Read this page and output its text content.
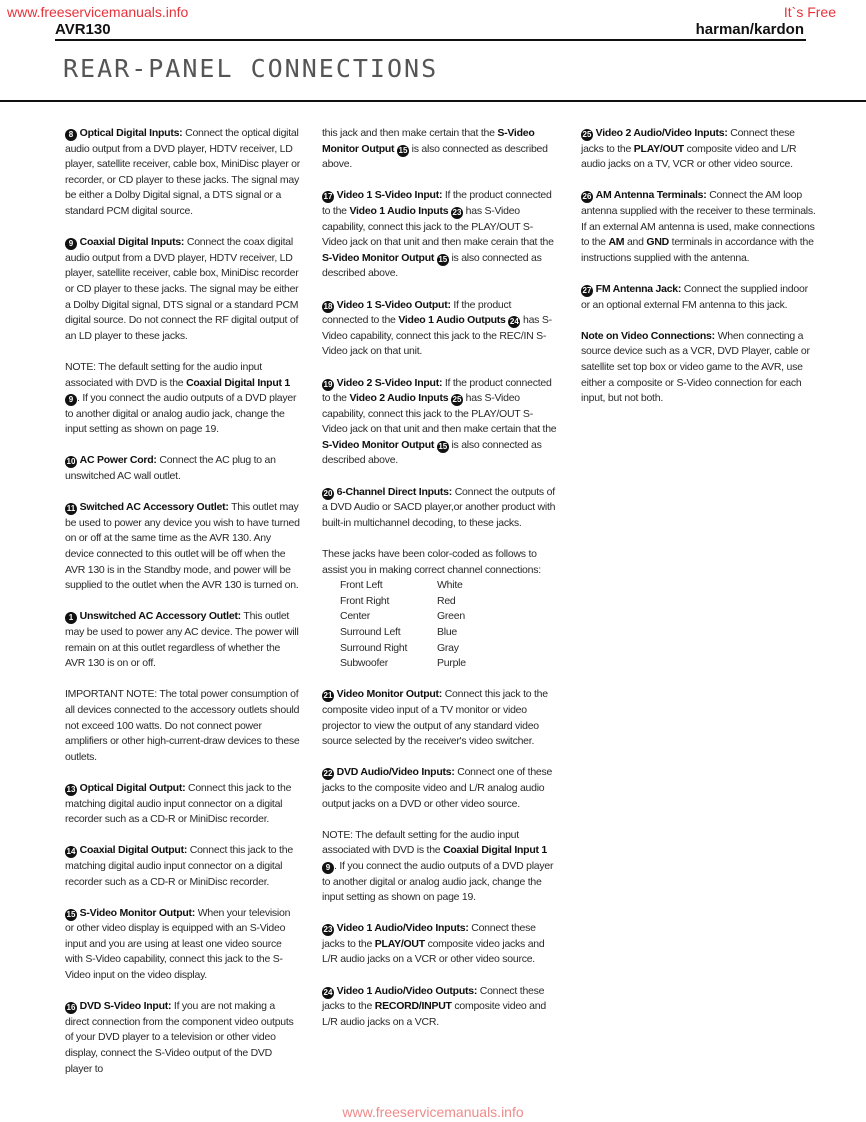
www.freeservicemanuals.info	It`s Free
AVR130	harman/kardon
REAR-PANEL CONNECTIONS

8 Optical Digital Inputs: Connect the optical digital audio output from a DVD player, HDTV receiver, LD player, satellite receiver, cable box, MiniDisc player or recorder, or CD player to these jacks. The signal may be either a Dolby Digital signal, a DTS signal or a standard PCM digital source.

9 Coaxial Digital Inputs: Connect the coax digital audio output from a DVD player, HDTV receiver, LD player, satellite receiver, cable box, MiniDisc recorder or CD player to these jacks. The signal may be either a Dolby Digital signal, DTS signal or a standard PCM digital source. Do not connect the RF digital output of an LD player to these jacks.

NOTE: The default setting for the audio input associated with DVD is the Coaxial Digital Input 1 9 . If you connect the audio outputs of a DVD player to another digital or analog audio jack, change the input setting as shown on page 19.

10 AC Power Cord: Connect the AC plug to an unswitched AC wall outlet.

11 Switched AC Accessory Outlet: This outlet may be used to power any device you wish to have turned on or off at the same time as the AVR 130. Any device connected to this outlet will be off when the AVR 130 is in the Standby mode, and power will be supplied to the outlet when the AVR 130 is turned on.

1 Unswitched AC Accessory Outlet: This outlet may be used to power any AC device. The power will remain on at this outlet regardless of whether the AVR 130 is on or off.

IMPORTANT NOTE: The total power consumption of all devices connected to the accessory outlets should not exceed 100 watts. Do not connect power amplifiers or other high-current-draw devices to these outlets.

13 Optical Digital Output: Connect this jack to the matching digital audio input connector on a digital recorder such as a CD-R or MiniDisc recorder.

14 Coaxial Digital Output: Connect this jack to the matching digital audio input connector on a digital recorder such as a CD-R or MiniDisc recorder.

15 S-Video Monitor Output: When your television or other video display is equipped with an S-Video input and you are using at least one video source with S-Video capability, connect this jack to the S-Video input on the video display.

16 DVD S-Video Input: If you are not making a direct connection from the component video outputs of your DVD player to a television or other video display, connect the S-Video output of the DVD player to

this jack and then make certain that the S-Video Monitor Output 15 is also connected as described above.

17 Video 1 S-Video Input: If the product connected to the Video 1 Audio Inputs 23 has S-Video capability, connect this jack to the PLAY/OUT S-Video jack on that unit and then make cerain that the S-Video Monitor Output 15 is also connected as described above.

18 Video 1 S-Video Output: If the product connected to the Video 1 Audio Outputs 24 has S-Video capability, connect this jack to the REC/IN S-Video jack on that unit.

19 Video 2 S-Video Input: If the product connected to the Video 2 Audio Inputs 25 has S-Video capability, connect this jack to the PLAY/OUT S-Video jack on that unit and then make certain that the S-Video Monitor Output 15 is also connected as described above.

20 6-Channel Direct Inputs: Connect the outputs of a DVD Audio or SACD player,or another product with built-in multichannel decoding, to these jacks.

These jacks have been color-coded as follows to assist you in making correct channel connections:

Front Left	White
Front Right	Red
Center	Green
Surround Left	Blue
Surround Right	Gray
Subwoofer	Purple

21 Video Monitor Output: Connect this jack to the composite video input of a TV monitor or video projector to view the output of any standard video source selected by the receiver's video switcher.

22 DVD Audio/Video Inputs: Connect one of these jacks to the composite video and L/R analog audio output jacks on a DVD or other video source.

NOTE: The default setting for the audio input associated with DVD is the Coaxial Digital Input 1 9 . If you connect the audio outputs of a DVD player to another digital or analog audio jack, change the input setting as shown on page 19.

23 Video 1 Audio/Video Inputs: Connect these jacks to the PLAY/OUT composite video jacks and L/R audio jacks on a VCR or other video source.

24 Video 1 Audio/Video Outputs: Connect these jacks to the RECORD/INPUT composite video and L/R audio jacks on a VCR.

25 Video 2 Audio/Video Inputs: Connect these jacks to the PLAY/OUT composite video and L/R audio jacks on a TV, VCR or other video source.

26 AM Antenna Terminals: Connect the AM loop antenna supplied with the receiver to these terminals. If an external AM antenna is used, make connections to the AM and GND terminals in accordance with the instructions supplied with the antenna.

27 FM Antenna Jack: Connect the supplied indoor or an optional external FM antenna to this jack.

Note on Video Connections: When connecting a source device such as a VCR, DVD Player, cable or satellite set top box or video game to the AVR, use either a composite or S-Video connection for each input, but not both.

www.freeservicemanuals.info
